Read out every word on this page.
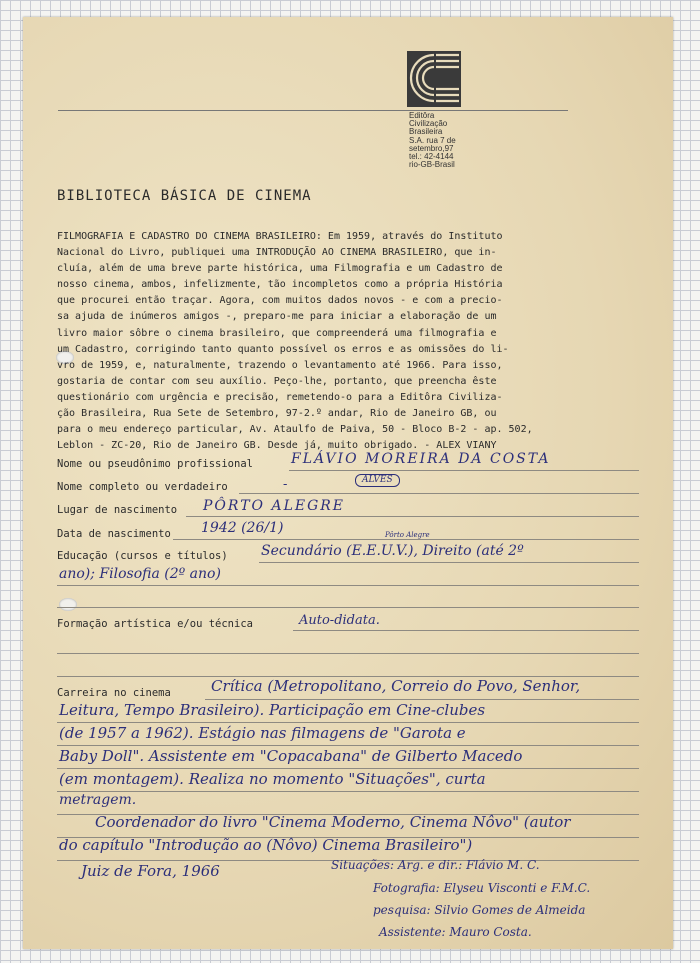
Editôra
Civilização
Brasileira
S.A. rua 7 de
setembro,97
tel.: 42-4144
rio-GB-Brasil
BIBLIOTECA BÁSICA DE CINEMA
FILMOGRAFIA E CADASTRO DO CINEMA BRASILEIRO: Em 1959, através do Instituto
Nacional do Livro, publiquei uma INTRODUÇÃO AO CINEMA BRASILEIRO, que in-
cluía, além de uma breve parte histórica, uma Filmografia e um Cadastro de
nosso cinema, ambos, infelizmente, tão incompletos como a própria História
que procurei então traçar. Agora, com muitos dados novos - e com a precio-
sa ajuda de inúmeros amigos -, preparo-me para iniciar a elaboração de um
livro maior sôbre o cinema brasileiro, que compreenderá uma filmografia e
um Cadastro, corrigindo tanto quanto possível os erros e as omissões do li-
vro de 1959, e, naturalmente, trazendo o levantamento até 1966. Para isso,
gostaria de contar com seu auxílio. Peço-lhe, portanto, que preencha êste
questionário com urgência e precisão, remetendo-o para a Editôra Civiliza-
ção Brasileira, Rua Sete de Setembro, 97-2.º andar, Rio de Janeiro GB, ou
para o meu endereço particular, Av. Ataulfo de Paiva, 50 - Bloco B-2 - ap. 502,
Leblon - ZC-20, Rio de Janeiro GB. Desde já, muito obrigado. - ALEX VIANY
Nome ou pseudônimo profissional
Nome completo ou verdadeiro
Lugar de nascimento
Data de nascimento
Educação (cursos e títulos)
Formação artística e/ou técnica
Carreira no cinema
FLÁVIO MOREIRA DA COSTA
ALVES
-
PÔRTO ALEGRE
1942 (26/1)	Pôrto Alegre
Secundário (E.E.U.V.), Direito (até 2º
ano); Filosofia (2º ano)
Auto-didata.
Crítica (Metropolitano, Correio do Povo, Senhor,
Leitura, Tempo Brasileiro). Participação em Cine-clubes
(de 1957 a 1962). Estágio nas filmagens de "Garota e
Baby Doll". Assistente em "Copacabana" de Gilberto Macedo
(em montagem). Realiza no momento "Situações", curta
metragem.
Coordenador do livro "Cinema Moderno, Cinema Nôvo" (autor
do capítulo "Introdução ao (Nôvo) Cinema Brasileiro")
Juiz de Fora, 1966	Situações: Arg. e dir.: Flávio M. C.
Fotografia: Elyseu Visconti e F.M.C.
pesquisa: Silvio Gomes de Almeida
Assistente: Mauro Costa.
